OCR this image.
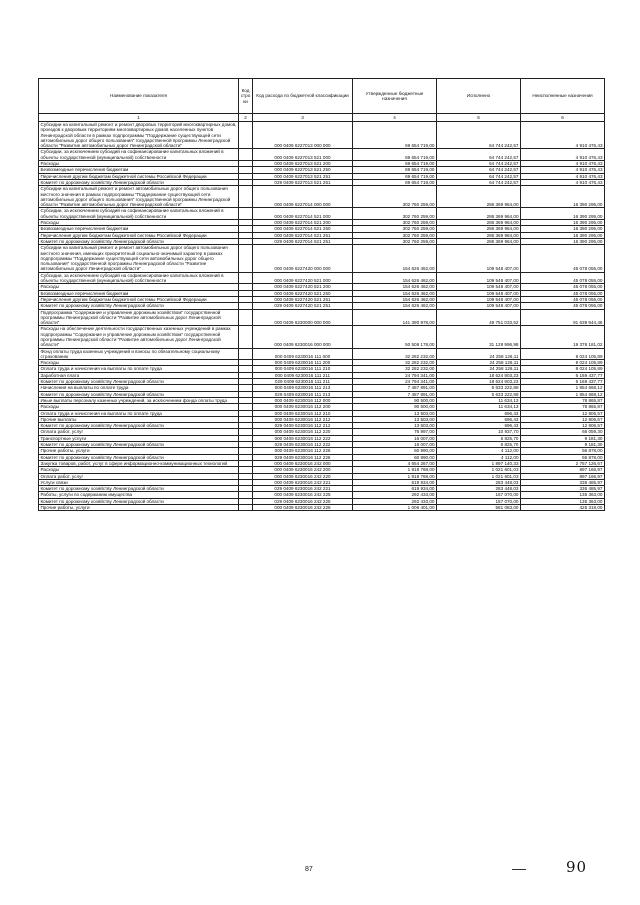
Наименование показателя	Код строки	Код расхода по бюджетной классификации	Утвержденные бюджетные назначения	Исполнено	Неисполненные назначения
1	2	3	4	5	6
Субсидии на капитальный ремонт и ремонт дворовых территорий многоквартирных домов, проездов к дворовым территориям многоквартирных домов населенных пунктов Ленинградской области в рамках подпрограммы "Поддержание существующей сети автомобильных дорог общего пользования" государственной программы Ленинградской области "Развитие автомобильных дорог Ленинградской области"		000 0409 6227013 000 000	69 654 719,00	64 744 242,57	4 910 476,43
Субсидии, за исключением субсидий на софинансирование капитальных вложений в объекты государственной (муниципальной) собственности		000 0409 6227013 521 000	69 654 719,00	64 744 242,57	4 910 476,43
Расходы		000 0409 6227013 521 200	69 654 719,00	64 744 242,57	4 910 476,43
Безвозмездные перечисления бюджетам		000 0409 6227013 521 250	69 654 719,00	64 744 242,57	4 910 476,43
Перечисления другим бюджетам бюджетной системы Российской Федерации		000 0409 6227013 521 251	69 654 719,00	64 744 242,57	4 910 476,43
Комитет по дорожному хозяйству Ленинградской области		029 0409 6227013 521 251	69 654 719,00	64 744 242,57	4 910 476,43
Субсидии на капитальный ремонт и ремонт автомобильных дорог общего пользования местного значения в рамках подпрограммы "Поддержание существующей сети автомобильных дорог общего пользования" государственной программы Ленинградской области "Развитие автомобильных дорог Ленинградской области"		000 0409 6227014 000 000	302 760 259,00	286 369 964,00	16 390 295,00
Субсидии, за исключением субсидий на софинансирование капитальных вложений в объекты государственной (муниципальной) собственности		000 0409 6227014 521 000	302 760 259,00	286 369 964,00	16 390 295,00
Расходы		000 0409 6227014 521 200	302 760 259,00	286 369 964,00	16 390 295,00
Безвозмездные перечисления бюджетам		000 0409 6227014 521 250	302 760 259,00	286 369 964,00	16 390 295,00
Перечисления другим бюджетам бюджетной системы Российской Федерации		000 0409 6227014 521 251	302 760 259,00	286 369 964,00	16 390 295,00
Комитет по дорожному хозяйству Ленинградской области		029 0409 6227014 521 251	302 760 259,00	286 369 964,00	16 390 295,00
Субсидии на капитальный ремонт и ремонт автомобильных дорог общего пользования местного значения, имеющих приоритетный социально-значимый характер в рамках подпрограммы "Поддержание существующей сети автомобильных дорог общего пользования" государственной программы Ленинградской области "Развитие автомобильных дорог Ленинградской области"		000 0409 6227420 000 000	154 626 462,00	109 548 407,00	45 078 055,00
Субсидии, за исключением субсидий на софинансирование капитальных вложений в объекты государственной (муниципальной) собственности		000 0409 6227420 521 000	154 626 462,00	109 548 407,00	45 078 055,00
Расходы		000 0409 6227420 521 200	154 626 462,00	109 548 407,00	45 078 055,00
Безвозмездные перечисления бюджетам		000 0409 6227420 521 250	154 626 462,00	109 548 407,00	45 078 055,00
Перечисления другим бюджетам бюджетной системы Российской Федерации		000 0409 6227420 521 251	154 626 462,00	109 548 407,00	45 078 055,00
Комитет по дорожному хозяйству Ленинградской области		029 0409 6227420 521 251	154 626 462,00	109 548 407,00	45 078 055,00
Подпрограмма "Содержание и управление дорожным хозяйством" государственной программы Ленинградской области "Развитие автомобильных дорог Ленинградской области"		000 0409 6230000 000 000	141 390 978,00	49 751 033,52	91 639 944,48
Расходы на обеспечение деятельности государственных казенных учреждений в рамках подпрограммы "Содержание и управление дорожным хозяйством" государственной программы Ленинградской области "Развитие автомобильных дорог Ленинградской области"		000 0409 6230016 000 000	50 508 178,00	31 129 996,98	19 378 181,02
Фонд оплаты труда казенных учреждений и взносы по обязательному социальному страхованию		000 0409 6230016 111 000	32 282 232,00	24 258 126,11	8 024 105,89
Расходы		000 0409 6230016 111 200	32 282 232,00	24 258 126,11	8 024 105,89
Оплата труда и начисления на выплаты по оплате труда		000 0409 6230016 111 210	32 282 232,00	24 258 126,11	8 024 105,89
Заработная плата		000 0409 6230016 111 211	24 794 341,00	18 624 903,23	6 169 437,77
Комитет по дорожному хозяйству Ленинградской области		029 0409 6230016 111 211	24 794 341,00	18 624 903,23	6 169 437,77
Начисления на выплаты по оплате труда		000 0409 6230016 111 213	7 487 891,00	5 633 222,88	1 854 668,12
Комитет по дорожному хозяйству Ленинградской области		029 0409 6230016 111 213	7 487 891,00	5 633 222,88	1 854 668,12
Иные выплаты персоналу казенных учреждений, за исключением фонда оплаты труда		000 0409 6230016 112 000	90 500,00	11 634,13	78 865,87
Расходы		000 0409 6230016 112 200	90 500,00	11 634,13	78 865,87
Оплата труда и начисления на выплаты по оплате труда		000 0409 6230016 112 210	13 503,00	696,43	12 806,57
Прочие выплаты		000 0409 6230016 112 212	13 503,00	696,43	12 806,57
Комитет по дорожному хозяйству Ленинградской области		029 0409 6230016 112 212	13 503,00	696,43	12 806,57
Оплата работ, услуг		000 0409 6230016 112 220	76 997,00	10 937,70	66 059,30
Транспортные услуги		000 0409 6230016 112 222	16 007,00	6 825,70	9 181,30
Комитет по дорожному хозяйству Ленинградской области		029 0409 6230016 112 222	16 007,00	6 825,70	9 181,30
Прочие работы, услуги		000 0409 6230016 112 226	60 990,00	4 112,00	56 878,00
Комитет по дорожному хозяйству Ленинградской области		029 0409 6230016 112 226	60 990,00	4 112,00	56 878,00
Закупка товаров, работ, услуг в сфере информационно-коммуникационных технологий		000 0409 6230016 242 000	4 654 267,00	1 897 140,33	2 757 126,67
Расходы		000 0409 6230016 242 200	1 918 768,00	1 021 601,03	897 166,97
Оплата работ, услуг		000 0409 6230016 242 220	1 918 768,00	1 021 601,03	897 166,97
Услуги связи		000 0409 6230016 242 221	619 934,00	283 448,03	336 485,97
Комитет по дорожному хозяйству Ленинградской области		029 0409 6230016 242 221	619 934,00	283 448,03	336 485,97
Работы, услуги по содержанию имущества		000 0409 6230016 242 225	292 433,00	157 070,00	135 363,00
Комитет по дорожному хозяйству Ленинградской области		029 0409 6230016 242 225	292 433,00	157 070,00	135 363,00
Прочие работы, услуги		000 0409 6230016 242 226	1 006 401,00	581 083,00	425 318,00
87	90
